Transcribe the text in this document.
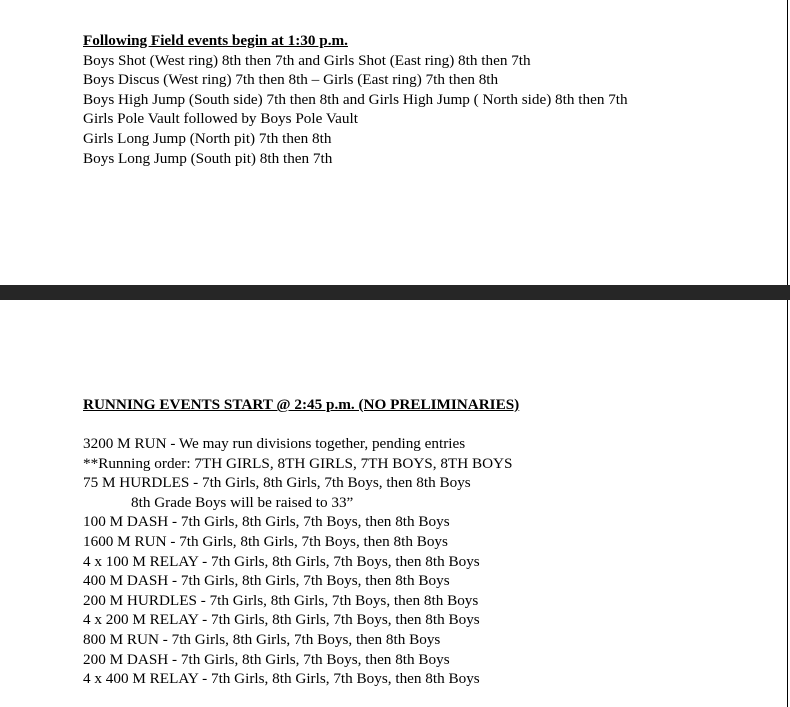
Following Field events begin at 1:30 p.m.
Boys Shot (West ring) 8th then 7th and Girls Shot (East ring) 8th then 7th
Boys Discus (West ring) 7th then 8th – Girls (East ring) 7th then 8th
Boys High Jump (South side) 7th then 8th and Girls High Jump ( North side) 8th then 7th
Girls Pole Vault followed by Boys Pole Vault
Girls Long Jump (North pit) 7th then 8th
Boys Long Jump (South pit) 8th then 7th
RUNNING EVENTS START @ 2:45 p.m. (NO PRELIMINARIES)
3200 M RUN - We may run divisions together, pending entries
**Running order: 7TH GIRLS, 8TH GIRLS, 7TH BOYS, 8TH BOYS
75 M HURDLES - 7th Girls, 8th Girls, 7th Boys, then 8th Boys
8th Grade Boys will be raised to 33”
100 M DASH - 7th Girls, 8th Girls, 7th Boys, then 8th Boys
1600 M RUN - 7th Girls, 8th Girls, 7th Boys, then 8th Boys
4 x 100 M RELAY - 7th Girls, 8th Girls, 7th Boys, then 8th Boys
400 M DASH - 7th Girls, 8th Girls, 7th Boys, then 8th Boys
200 M HURDLES - 7th Girls, 8th Girls, 7th Boys, then 8th Boys
4 x 200 M RELAY - 7th Girls, 8th Girls, 7th Boys, then 8th Boys
800 M RUN - 7th Girls, 8th Girls, 7th Boys, then 8th Boys
200 M DASH - 7th Girls, 8th Girls, 7th Boys, then 8th Boys
4 x 400 M RELAY - 7th Girls, 8th Girls, 7th Boys, then 8th Boys
